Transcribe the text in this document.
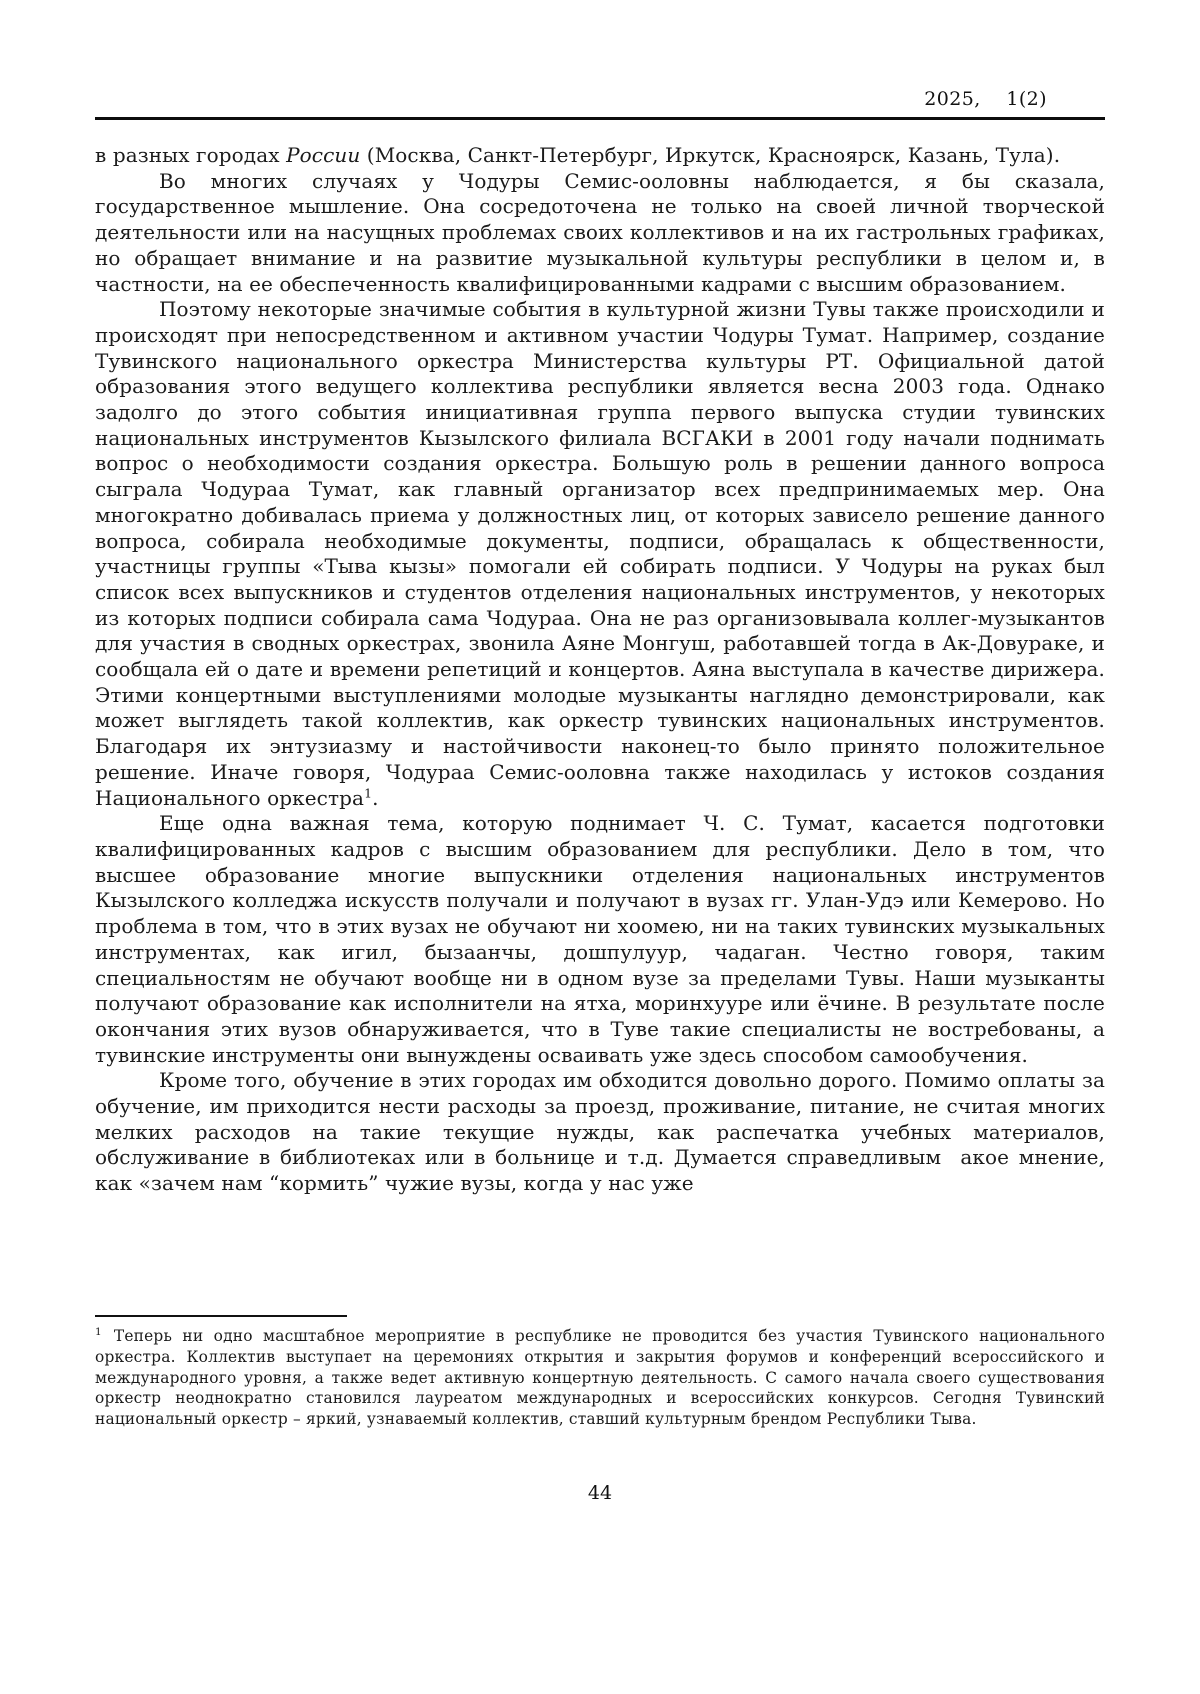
2025,    1(2)

в разных городах России (Москва, Санкт-Петербург, Иркутск, Красноярск, Казань, Тула).

Во многих случаях у Чодуры Семис-ооловны наблюдается, я бы сказала, государственное мышление. Она сосредоточена не только на своей личной творческой деятельности или на насущных проблемах своих коллективов и на их гастрольных графиках, но обращает внимание и на развитие музыкальной культуры республики в целом и, в частности, на ее обеспеченность квалифицированными кадрами с высшим образованием.

Поэтому некоторые значимые события в культурной жизни Тувы также происходили и происходят при непосредственном и активном участии Чодуры Тумат. Например, создание Тувинского национального оркестра Министерства культуры РТ. Официальной датой образования этого ведущего коллектива республики является весна 2003 года. Однако задолго до этого события инициативная группа первого выпуска студии тувинских национальных инструментов Кызылского филиала ВСГАКИ в 2001 году начали поднимать вопрос о необходимости создания оркестра. Большую роль в решении данного вопроса сыграла Чодураа Тумат, как главный организатор всех предпринимаемых мер. Она многократно добивалась приема у должностных лиц, от которых зависело решение данного вопроса, собирала необходимые документы, подписи, обращалась к общественности, участницы группы «Тыва кызы» помогали ей собирать подписи. У Чодуры на руках был список всех выпускников и студентов отделения национальных инструментов, у некоторых из которых подписи собирала сама Чодураа. Она не раз организовывала коллег-музыкантов для участия в сводных оркестрах, звонила Аяне Монгуш, работавшей тогда в Ак-Довураке, и сообщала ей о дате и времени репетиций и концертов. Аяна выступала в качестве дирижера. Этими концертными выступлениями молодые музыканты наглядно демонстрировали, как может выглядеть такой коллектив, как оркестр тувинских национальных инструментов. Благодаря их энтузиазму и настойчивости наконец-то было принято положительное решение. Иначе говоря, Чодураа Семис-ооловна также находилась у истоков создания Национального оркестра$^1$.

Еще одна важная тема, которую поднимает Ч. С. Тумат, касается подготовки квалифицированных кадров с высшим образованием для республики. Дело в том, что высшее образование многие выпускники отделения национальных инструментов Кызылского колледжа искусств получали и получают в вузах гг. Улан-Удэ или Кемерово. Но проблема в том, что в этих вузах не обучают ни хоомею, ни на таких тувинских музыкальных инструментах, как игил, бызаанчы, дошпулуур, чадаган. Честно говоря, таким специальностям не обучают вообще ни в одном вузе за пределами Тувы. Наши музыканты получают образование как исполнители на ятха, моринхууре или ёчине. В результате после окончания этих вузов обнаруживается, что в Туве такие специалисты не востребованы, а тувинские инструменты они вынуждены осваивать уже здесь способом самообучения.

Кроме того, обучение в этих городах им обходится довольно дорого. Помимо оплаты за обучение, им приходится нести расходы за проезд, проживание, питание, не считая многих мелких расходов на такие текущие нужды, как распечатка учебных материалов, обслуживание в библиотеках или в больнице и т.д. Думается справедливым  акое мнение, как «зачем нам “кормить” чужие вузы, когда у нас уже

$^1$ Теперь ни одно масштабное мероприятие в республике не проводится без участия Тувинского национального оркестра. Коллектив выступает на церемониях открытия и закрытия форумов и конференций всероссийского и международного уровня, а также ведет активную концертную деятельность. С самого начала своего существования оркестр неоднократно становился лауреатом международных и всероссийских конкурсов. Сегодня Тувинский национальный оркестр – яркий, узнаваемый коллектив, ставший культурным брендом Республики Тыва.
44
